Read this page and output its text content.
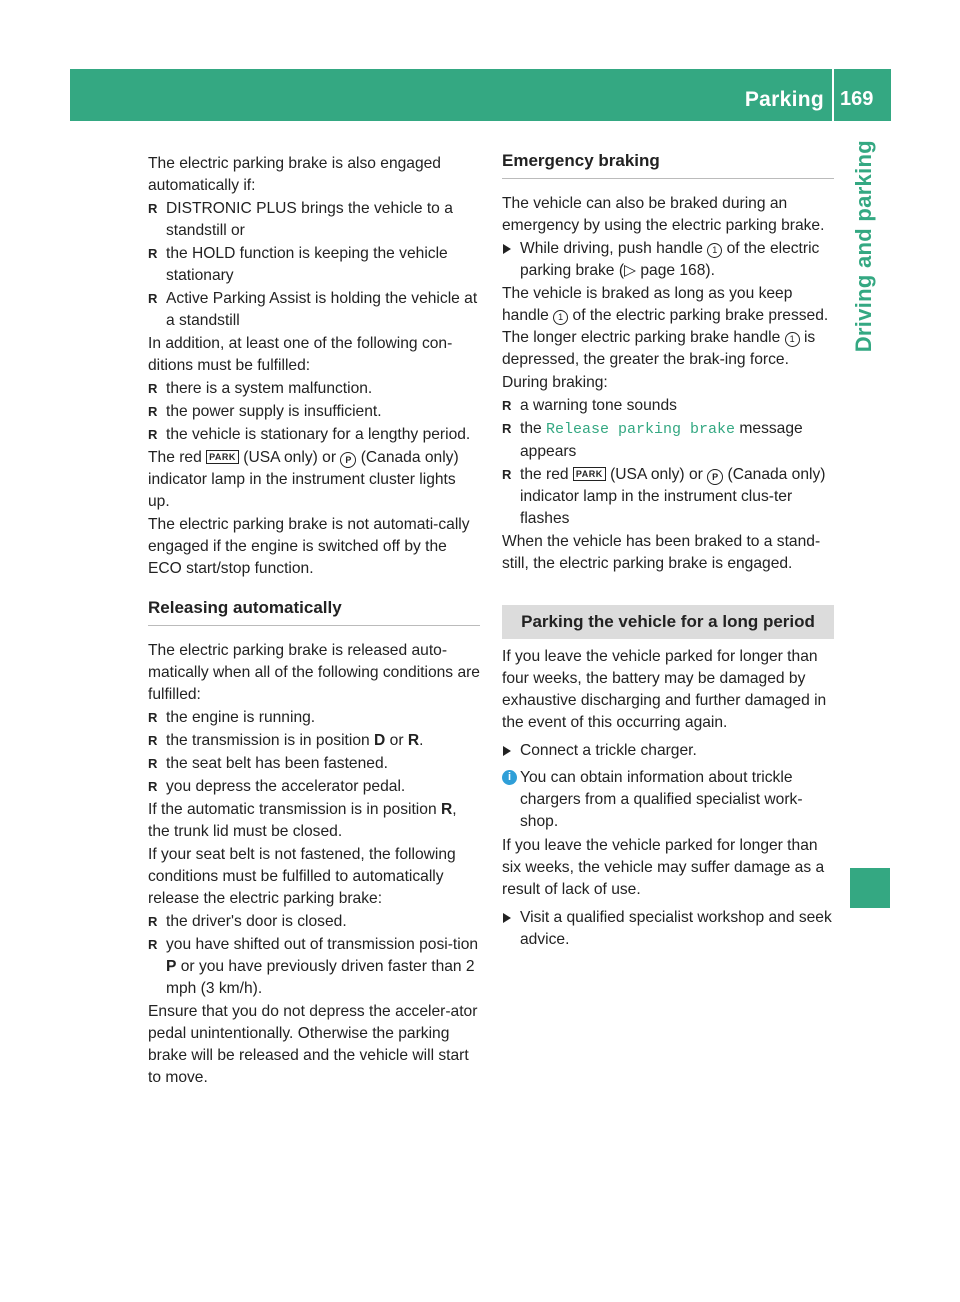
Parking 169
Driving and parking

The electric parking brake is also engaged automatically if:

R DISTRONIC PLUS brings the vehicle to a standstill or
R the HOLD function is keeping the vehicle stationary
R Active Parking Assist is holding the vehicle at a standstill

In addition, at least one of the following con-ditions must be fulfilled:

R there is a system malfunction.
R the power supply is insufficient.
R the vehicle is stationary for a lengthy period.

The red PARK (USA only) or P (Canada only) indicator lamp in the instrument cluster lights up.

The electric parking brake is not automati-cally engaged if the engine is switched off by the ECO start/stop function.

Releasing automatically

The electric parking brake is released auto-matically when all of the following conditions are fulfilled:

R the engine is running.
R the transmission is in position D or R.
R the seat belt has been fastened.
R you depress the accelerator pedal.

If the automatic transmission is in position R, the trunk lid must be closed.

If your seat belt is not fastened, the following conditions must be fulfilled to automatically release the electric parking brake:

R the driver's door is closed.
R you have shifted out of transmission posi-tion P or you have previously driven faster than 2 mph (3 km/h).

Ensure that you do not depress the acceler-ator pedal unintentionally. Otherwise the parking brake will be released and the vehicle will start to move.

Emergency braking

The vehicle can also be braked during an emergency by using the electric parking brake.

While driving, push handle 1 of the electric parking brake (▷ page 168).

The vehicle is braked as long as you keep handle 1 of the electric parking brake pressed. The longer electric parking brake handle 1 is depressed, the greater the brak-ing force.

During braking:

R a warning tone sounds
R the Release parking brake message appears
R the red PARK (USA only) or P (Canada only) indicator lamp in the instrument clus-ter flashes

When the vehicle has been braked to a stand-still, the electric parking brake is engaged.

Parking the vehicle for a long period

If you leave the vehicle parked for longer than four weeks, the battery may be damaged by exhaustive discharging and further damaged in the event of this occurring again.

Connect a trickle charger.
i You can obtain information about trickle chargers from a qualified specialist work-shop.

If you leave the vehicle parked for longer than six weeks, the vehicle may suffer damage as a result of lack of use.

Visit a qualified specialist workshop and seek advice.
